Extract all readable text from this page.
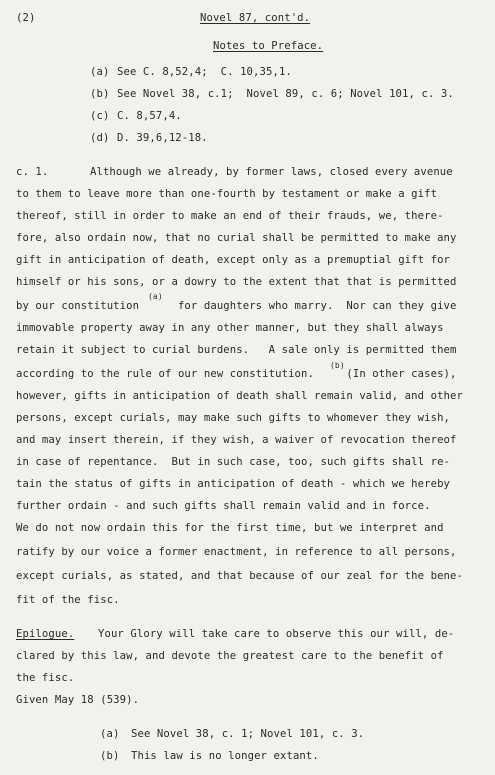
(2)	Novel 87, cont'd.
Notes to Preface.
(a) See C. 8,52,4;  C. 10,35,1.
(b) See Novel 38, c.1;  Novel 89, c. 6; Novel 101, c. 3.
(c) C. 8,57,4.
(d) D. 39,6,12-18.
c. 1.	Although we already, by former laws, closed every avenue
to them to leave more than one-fourth by testament or make a gift
thereof, still in order to make an end of their frauds, we, there-
fore, also ordain now, that no curial shall be permitted to make any
gift in anticipation of death, except only as a premuptial gift for
himself or his sons, or a dowry to the extent that that is permitted
(a)
by our constitution      for daughters who marry.  Nor can they give
immovable property away in any other manner, but they shall always
retain it subject to curial burdens.   A sale only is permitted them
(b)
according to the rule of our new constitution.     (In other cases),
however, gifts in anticipation of death shall remain valid, and other
persons, except curials, may make such gifts to whomever they wish,
and may insert therein, if they wish, a waiver of revocation thereof
in case of repentance.  But in such case, too, such gifts shall re-
tain the status of gifts in anticipation of death - which we hereby
further ordain - and such gifts shall remain valid and in force.
We do not now ordain this for the first time, but we interpret and
ratify by our voice a former enactment, in reference to all persons,
except curials, as stated, and that because of our zeal for the bene-
fit of the fisc.
Epilogue. Your Glory will take care to observe this our will, de-
clared by this law, and devote the greatest care to the benefit of
the fisc.
Given May 18 (539).
(a) See Novel 38, c. 1; Novel 101, c. 3.
(b) This law is no longer extant.
